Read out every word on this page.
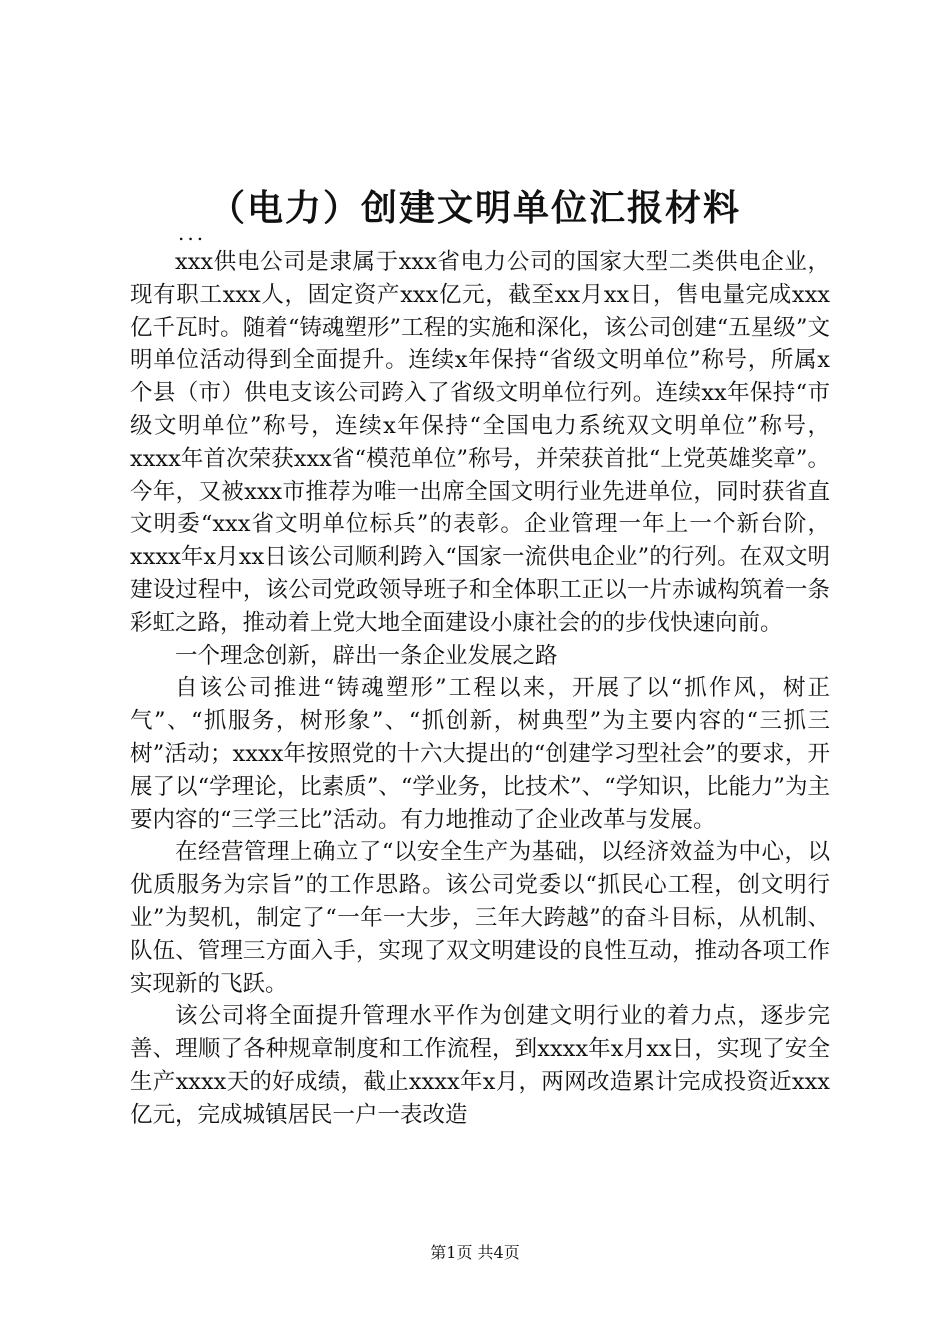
（电力）创建文明单位汇报材料
...

xxx供电公司是隶属于xxx省电力公司的国家大型二类供电企业，现有职工xxx人，固定资产xxx亿元，截至xx月xx日，售电量完成xxx亿千瓦时。随着“铸魂塑形”工程的实施和深化，该公司创建“五星级”文明单位活动得到全面提升。连续x年保持“省级文明单位”称号，所属x个县（市）供电支该公司跨入了省级文明单位行列。连续xx年保持“市级文明单位”称号，连续x年保持“全国电力系统双文明单位”称号，xxxx年首次荣获xxx省“模范单位”称号，并荣获首批“上党英雄奖章”。今年，又被xxx市推荐为唯一出席全国文明行业先进单位，同时获省直文明委“xxx省文明单位标兵”的表彰。企业管理一年上一个新台阶，xxxx年x月xx日该公司顺利跨入“国家一流供电企业”的行列。在双文明建设过程中，该公司党政领导班子和全体职工正以一片赤诚构筑着一条彩虹之路，推动着上党大地全面建设小康社会的的步伐快速向前。

一个理念创新，辟出一条企业发展之路

自该公司推进“铸魂塑形”工程以来，开展了以“抓作风，树正气”、“抓服务，树形象”、“抓创新，树典型”为主要内容的“三抓三树”活动；xxxx年按照党的十六大提出的“创建学习型社会”的要求，开展了以“学理论，比素质”、“学业务，比技术”、“学知识，比能力”为主要内容的“三学三比”活动。有力地推动了企业改革与发展。

在经营管理上确立了“以安全生产为基础，以经济效益为中心，以优质服务为宗旨”的工作思路。该公司党委以“抓民心工程，创文明行业”为契机，制定了“一年一大步，三年大跨越”的奋斗目标，从机制、队伍、管理三方面入手，实现了双文明建设的良性互动，推动各项工作实现新的飞跃。

该公司将全面提升管理水平作为创建文明行业的着力点，逐步完善、理顺了各种规章制度和工作流程，到xxxx年x月xx日，实现了安全生产xxxx天的好成绩，截止xxxx年x月，两网改造累计完成投资近xxx亿元，完成城镇居民一户一表改造

第1页 共4页
